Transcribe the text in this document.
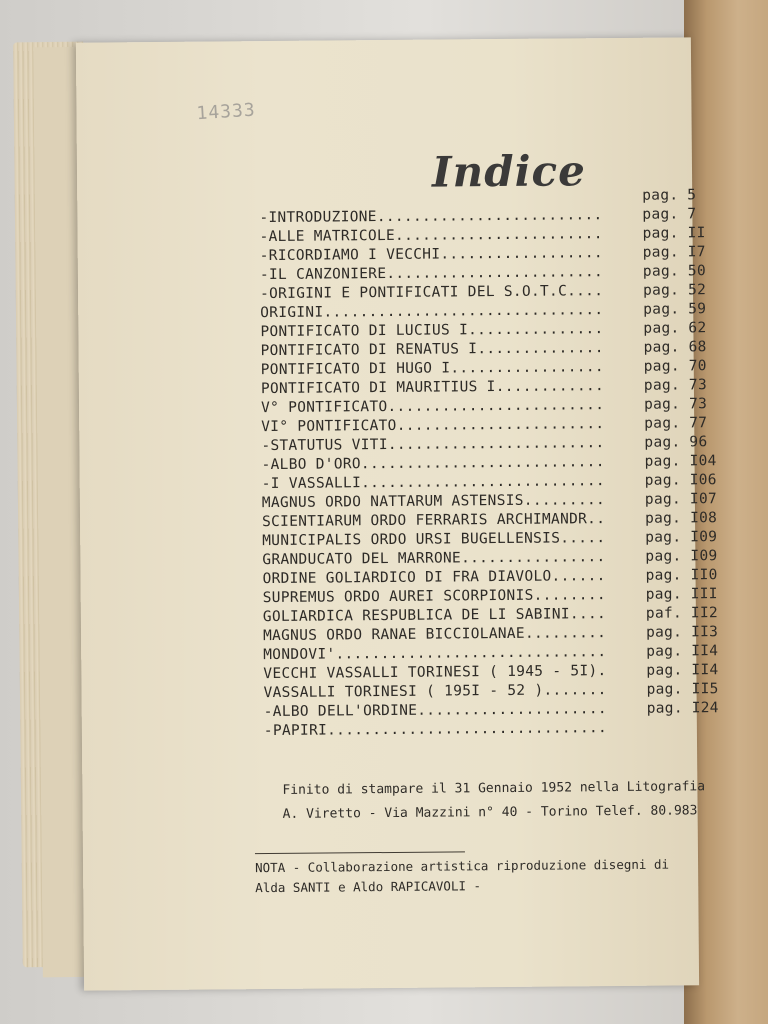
14333
Indice	pag. 5
-INTRODUZIONE.........................	pag. 7
-ALLE MATRICOLE.......................	pag. II
-RICORDIAMO I VECCHI..................	pag. I7
-IL CANZONIERE........................	pag. 50
-ORIGINI E PONTIFICATI DEL S.O.T.C....	pag. 52
ORIGINI...............................	pag. 59
PONTIFICATO DI LUCIUS I...............	pag. 62
PONTIFICATO DI RENATUS I..............	pag. 68
PONTIFICATO DI HUGO I.................	pag. 70
PONTIFICATO DI MAURITIUS I............	pag. 73
V° PONTIFICATO........................	pag. 73
VI° PONTIFICATO.......................	pag. 77
-STATUTUS VITI........................	pag. 96
-ALBO D'ORO...........................	pag. I04
-I VASSALLI...........................	pag. I06
MAGNUS ORDO NATTARUM ASTENSIS.........	pag. I07
SCIENTIARUM ORDO FERRARIS ARCHIMANDR..	pag. I08
MUNICIPALIS ORDO URSI BUGELLENSIS.....	pag. I09
GRANDUCATO DEL MARRONE................	pag. I09
ORDINE GOLIARDICO DI FRA DIAVOLO......	pag. II0
SUPREMUS ORDO AUREI SCORPIONIS........	pag. III
GOLIARDICA RESPUBLICA DE LI SABINI....	paf. II2
MAGNUS ORDO RANAE BICCIOLANAE.........	pag. II3
MONDOVI'..............................	pag. II4
VECCHI VASSALLI TORINESI ( 1945 - 5I).	pag. II4
VASSALLI TORINESI ( 195I - 52 ).......	pag. II5
-ALBO DELL'ORDINE.....................	pag. I24
-PAPIRI...............................
Finito di stampare il 31 Gennaio 1952 nella Litografia
A. Viretto - Via Mazzini n° 40 - Torino Telef. 80.983
NOTA - Collaborazione artistica riproduzione disegni di
Alda SANTI e Aldo RAPICAVOLI -
